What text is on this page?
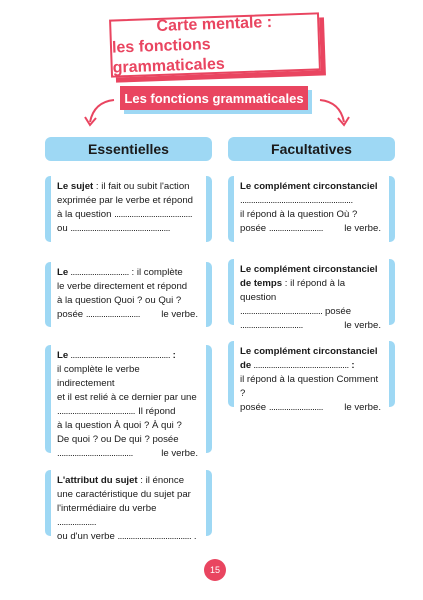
Carte mentale :
les fonctions grammaticales
Les fonctions grammaticales
Essentielles	Facultatives
Le sujet : il fait ou subit l'action
exprimée par le verbe et répond
à la question ....................................
ou ..............................................
Le ........................... : il complète
le verbe directement et répond
à la question Quoi ? ou Qui ?
posée ......................... le verbe.
Le .............................................. :
il complète le verbe indirectement
et il est relié à ce dernier par une
.................................... Il répond
à la question À quoi ? À qui ?
De quoi ? ou De qui ? posée
...................................	le verbe.
L'attribut du sujet : il énonce
une caractéristique du sujet par
l'intermédiaire du verbe ..................
ou d'un verbe .................................. .
Le complément circonstanciel
....................................................
il répond à la question Où ?
posée ......................... le verbe.
Le complément circonstanciel
de temps : il répond à la question
...................................... posée
.............................	le verbe.
Le complément circonstanciel
de ............................................ :
il répond à la question Comment ?
posée ......................... le verbe.
15
